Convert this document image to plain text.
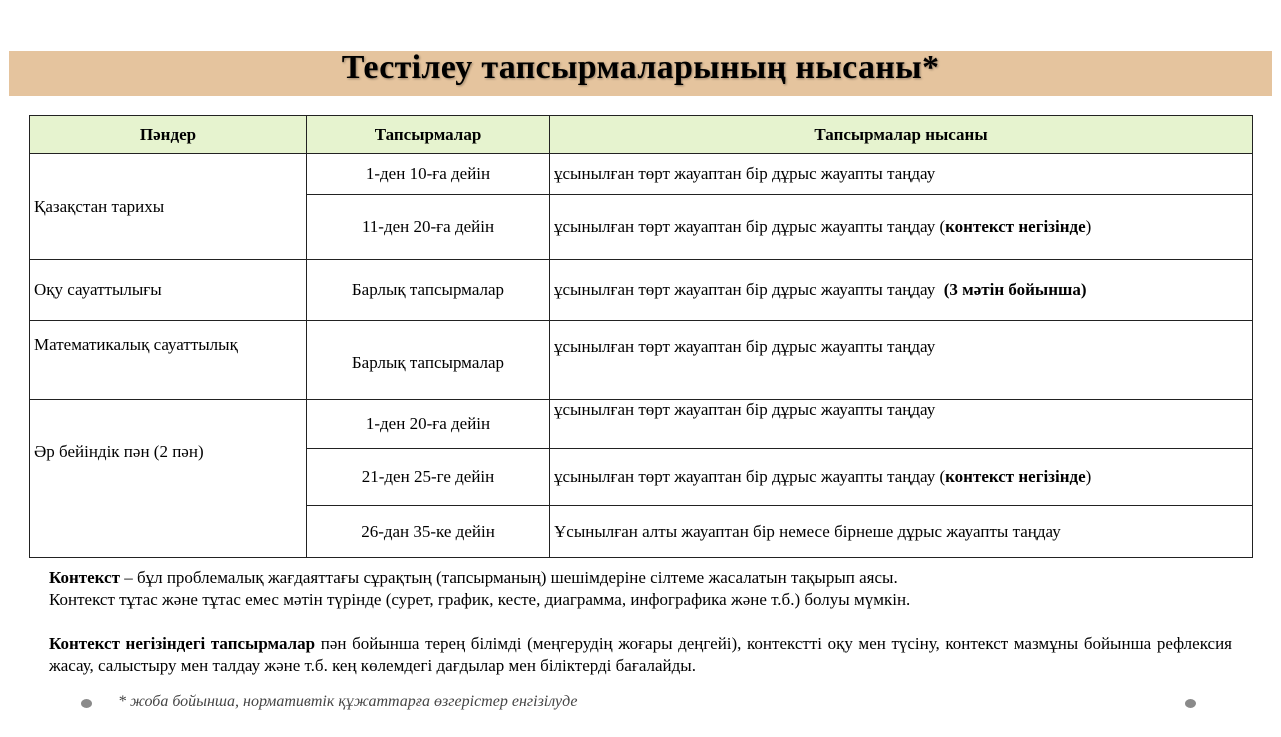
Тестілеу тапсырмаларының нысаны*
Пәндер	Тапсырмалар	Тапсырмалар нысаны
Қазақстан тарихы	1-ден 10-ға дейін	ұсынылған төрт жауаптан бір дұрыс жауапты таңдау
	11-ден 20-ға дейін	ұсынылған төрт жауаптан бір дұрыс жауапты таңдау (контекст негізінде)
Оқу сауаттылығы	Барлық тапсырмалар	ұсынылған төрт жауаптан бір дұрыс жауапты таңдау  (3 мәтін бойынша)
Математикалық сауаттылық	Барлық тапсырмалар	ұсынылған төрт жауаптан бір дұрыс жауапты таңдау
Әр бейіндік пән (2 пән)	1-ден 20-ға дейін	ұсынылған төрт жауаптан бір дұрыс жауапты таңдау
	21-ден 25-ге дейін	ұсынылған төрт жауаптан бір дұрыс жауапты таңдау (контекст негізінде)
	26-дан 35-ке дейін	Ұсынылған алты жауаптан бір немесе бірнеше дұрыс жауапты таңдау

Контекст – бұл проблемалық жағдаяттағы сұрақтың (тапсырманың) шешімдеріне сілтеме жасалатын тақырып аясы.

Контекст тұтас және тұтас емес мәтін түрінде (сурет, график, кесте, диаграмма, инфографика және т.б.) болуы мүмкін.

Контекст негізіндегі тапсырмалар пән бойынша терең білімді (меңгерудің жоғары деңгейі), контекстті оқу мен түсіну, контекст мазмұны бойынша рефлексия жасау, салыстыру мен талдау және т.б. кең көлемдегі дағдылар мен біліктерді бағалайды.

* жоба бойынша, нормативтік құжаттарға өзгерістер енгізілуде
